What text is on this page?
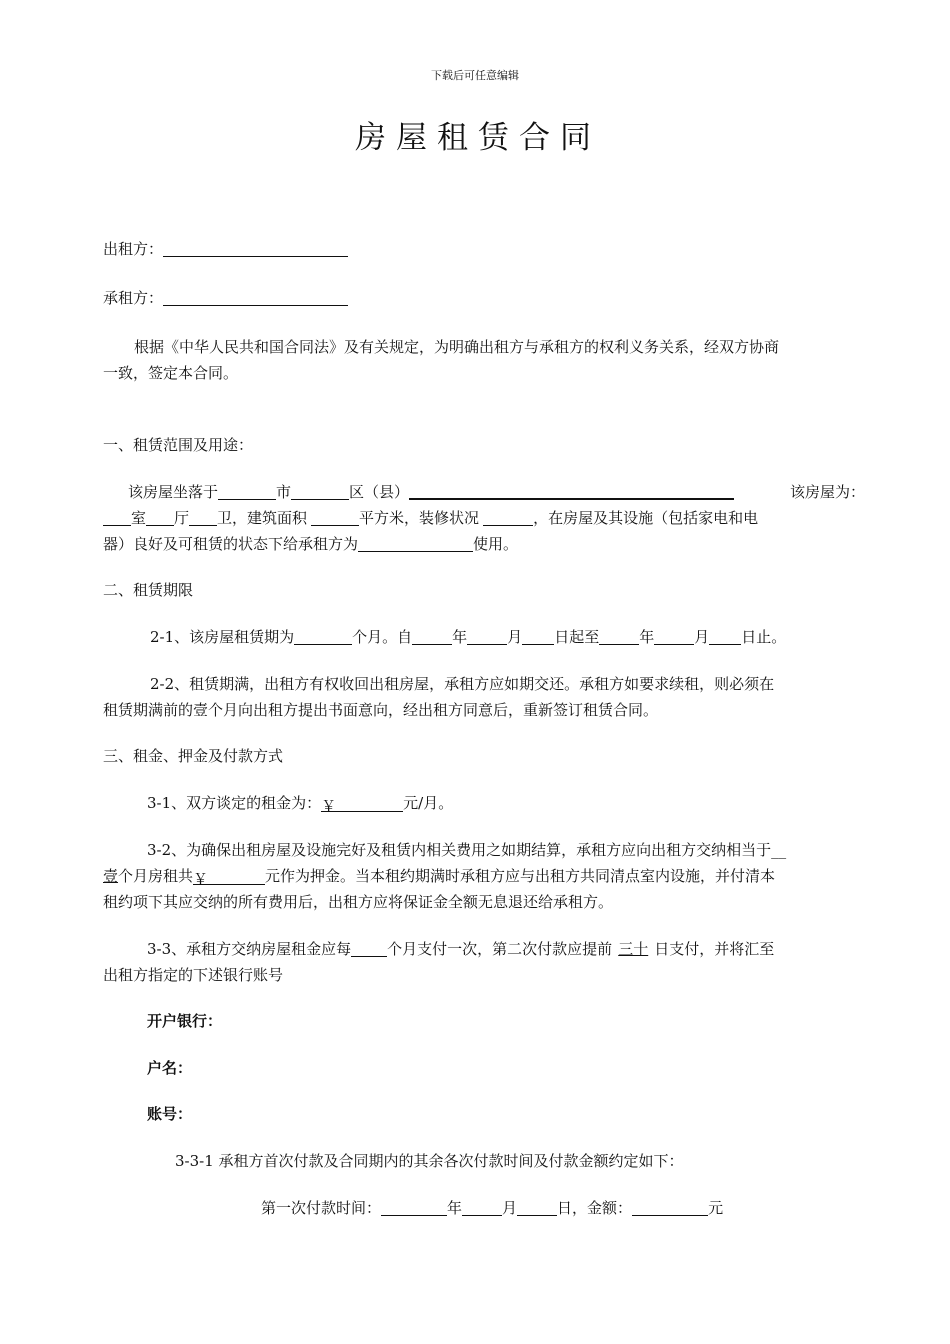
下载后可任意编辑
房屋租赁合同
出租方：
承租方：
根据《中华人民共和国合同法》及有关规定，为明确出租方与承租方的权利义务关系，经双方协商
一致，签定本合同。
一、租赁范围及用途：
该房屋坐落于	市	区（县）	该房屋为：
室 厅 卫，建筑面积	平方米，装修状况	，在房屋及其设施（包括家电和电
器）良好及可租赁的状态下给承租方为	使用。
二、租赁期限
2-1、该房屋租赁期为	个月。自	年	月 日起至	年	月 日止。
2-2、租赁期满，出租方有权收回出租房屋，承租方应如期交还。承租方如要求续租，则必须在
租赁期满前的壹个月向出租方提出书面意向，经出租方同意后，重新签订租赁合同。
三、租金、押金及付款方式
3-1、双方谈定的租金为：￥	元/月。
3-2、为确保出租房屋及设施完好及租赁内相关费用之如期结算，承租方应向出租方交纳相当于__
壹个月房租共￥	元作为押金。当本租约期满时承租方应与出租方共同清点室内设施，并付清本
租约项下其应交纳的所有费用后，出租方应将保证金全额无息退还给承租方。
3-3、承租方交纳房屋租金应每 个月支付一次，第二次付款应提前 三十 日支付，并将汇至
出租方指定的下述银行账号
开户银行：
户名：
账号：
3-3-1 承租方首次付款及合同期内的其余各次付款时间及付款金额约定如下：
第一次付款时间：	年	月	日，金额：	元
